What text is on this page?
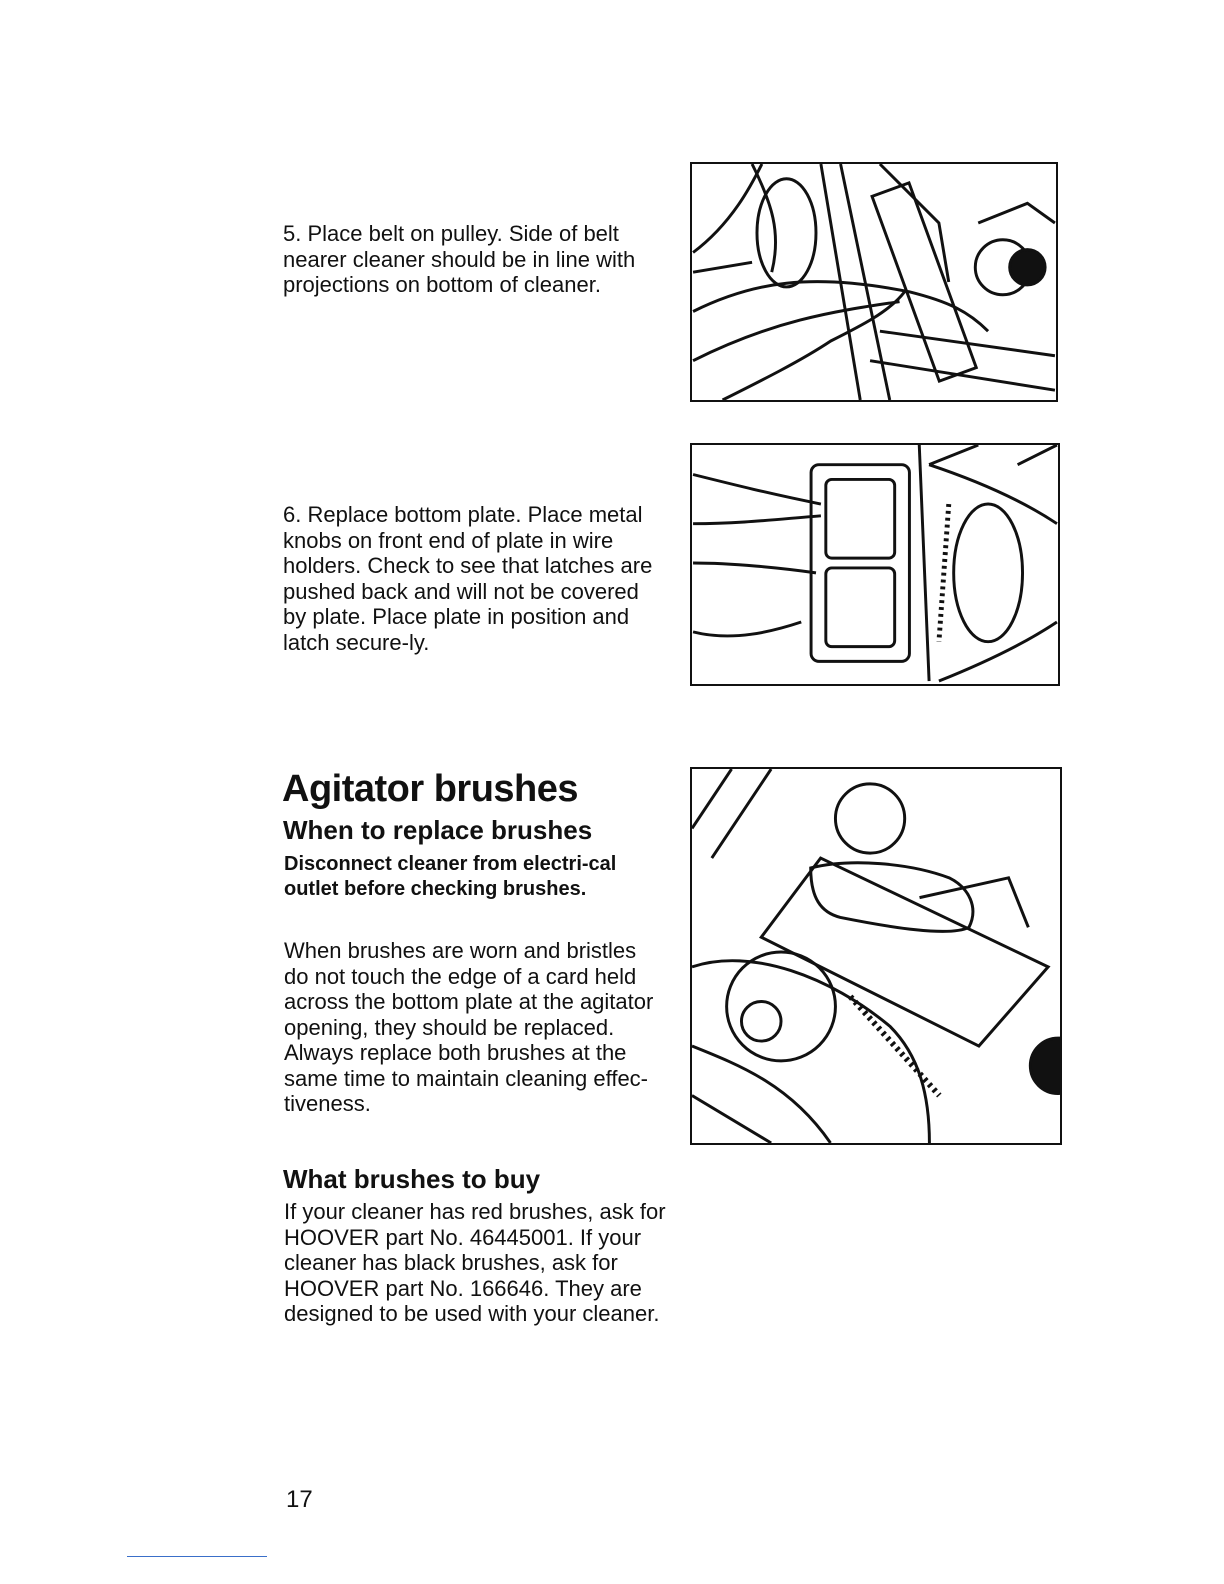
5. Place belt on pulley. Side of belt nearer cleaner should be in line with projections on bottom of cleaner.

6. Replace bottom plate. Place metal knobs on front end of plate in wire holders. Check to see that latches are pushed back and will not be covered by plate. Place plate in position and latch secure-ly.

Agitator brushes
When to replace brushes

Disconnect cleaner from electri-cal outlet before checking brushes.

When brushes are worn and bristles do not touch the edge of a card held across the bottom plate at the agitator opening, they should be replaced. Always replace both brushes at the same time to maintain cleaning effec-tiveness.

What brushes to buy

If your cleaner has red brushes, ask for HOOVER part No. 46445001. If your cleaner has black brushes, ask for HOOVER part No. 166646. They are designed to be used with your cleaner.

17
